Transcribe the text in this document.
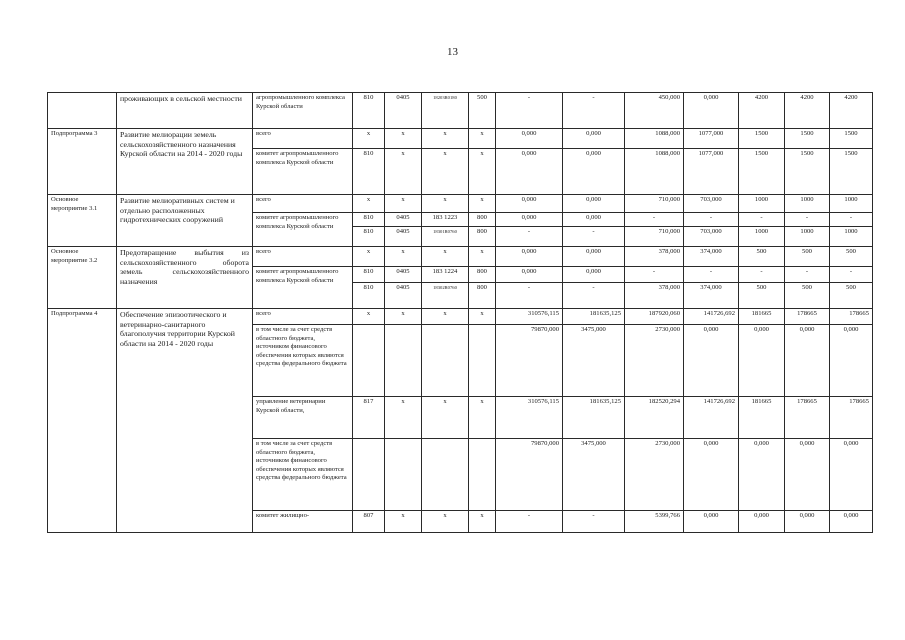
13
	проживающих в сельской местности	агропромышленного комплекса Курской области	810	0405	18203R0180	500	-	-	450,000	0,000	4200	4200	4200
Подпрограмма 3	Развитие мелиорации земель сельскохозяйственного назначения Курской области на 2014 - 2020 годы	всего	х	х	х	х	0,000	0,000	1088,000	1077,000	1500	1500	1500
		комитет агропромышленного комплекса Курской области	810	х	х	х	0,000	0,000	1088,000	1077,000	1500	1500	1500
Основное мероприятие 3.1	Развитие мелиоративных систем и отдельно расположенных гидротехнических сооружений	всего	х	х	х	х	0,000	0,000	710,000	703,000	1000	1000	1000
		комитет агропромышленного комплекса Курской области	810	0405	183 1223	800	0,000	0,000	-	-	-	-	-
			810	0405	18301R0760	800	-	-	710,000	703,000	1000	1000	1000
Основное мероприятие 3.2	Предотвращение выбытия из сельскохозяйственного оборота земель сельскохозяйственного назначения	всего	х	х	х	х	0,000	0,000	378,000	374,000	500	500	500
		комитет агропромышленного комплекса Курской области	810	0405	183 1224	800	0,000	0,000	-	-	-	-	-
			810	0405	18302R0760	800	-	-	378,000	374,000	500	500	500
Подпрограмма 4	Обеспечение эпизоотического и ветеринарно-санитарного благополучия территории Курской области на 2014 - 2020 годы	всего	х	х	х	х	310576,115	181635,125	187920,060	141726,692	181665	178665	178665
		в том числе за счет средств областного бюджета, источником финансового обеспечения которых являются средства федерального бюджета					79870,000	3475,000	2730,000	0,000	0,000	0,000	0,000
		управление ветеринарии Курской области,	817	х	х	х	310576,115	181635,125	182520,294	141726,692	181665	178665	178665
		в том числе за счет средств областного бюджета, источником финансового обеспечения которых являются средства федерального бюджета					79870,000	3475,000	2730,000	0,000	0,000	0,000	0,000
		комитет жилищно-	807	х	х	х	-	-	5399,766	0,000	0,000	0,000	0,000
